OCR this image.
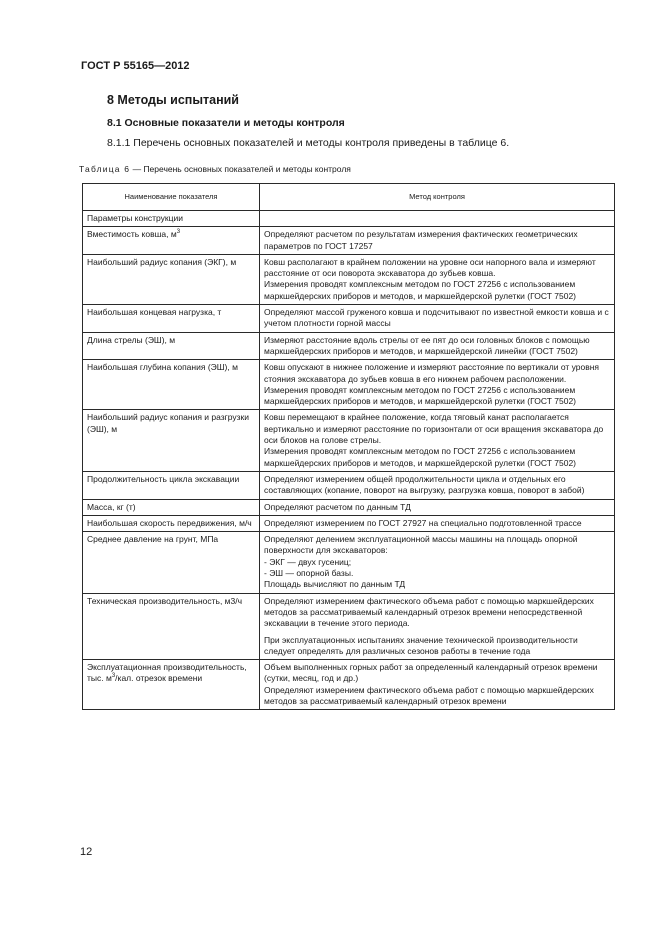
ГОСТ Р 55165—2012
8 Методы испытаний
8.1 Основные показатели и методы контроля
8.1.1 Перечень основных показателей и методы контроля приведены в таблице 6.
Таблица 6 — Перечень основных показателей и методы контроля
Наименование показателя	Метод контроля
Параметры конструкции	
Вместимость ковша, $м^3$	Определяют расчетом по результатам измерения фактических геометрических параметров по ГОСТ 17257

Наибольший радиус копания (ЭКГ), м	Ковш располагают в крайнем положении на уровне оси напорного вала и измеряют расстояние от оси поворота экскаватора до зубьев ковша.
Измерения проводят комплексным методом по ГОСТ 27256 с использованием маркшейдерских приборов и методов, и маркшейдерской рулетки (ГОСТ 7502)

Наибольшая концевая нагрузка, т	Определяют массой груженого ковша и подсчитывают по известной емкости ковша и с учетом плотности горной массы

Длина стрелы (ЭШ), м	Измеряют расстояние вдоль стрелы от ее пят до оси головных блоков с помощью маркшейдерских приборов и методов, и маркшейдерской линейки (ГОСТ 7502)

Наибольшая глубина копания (ЭШ), м	Ковш опускают в нижнее положение и измеряют расстояние по вертикали от уровня стояния экскаватора до зубьев ковша в его нижнем рабочем расположении.
Измерения проводят комплексным методом по ГОСТ 27256 с использованием маркшейдерских приборов и методов, и маркшейдерской рулетки (ГОСТ 7502)

Наибольший радиус копания и разгрузки (ЭШ), м	Ковш перемещают в крайнее положение, когда тяговый канат располагается вертикально и измеряют расстояние по горизонтали от оси вращения экскаватора до оси блоков на голове стрелы.
Измерения проводят комплексным методом по ГОСТ 27256 с использованием маркшейдерских приборов и методов, и маркшейдерской рулетки (ГОСТ 7502)

Продолжительность цикла экскавации	Определяют измерением общей продолжительности цикла и отдельных его составляющих (копание, поворот на выгрузку, разгрузка ковша, поворот в забой)

Масса, кг (т)	Определяют расчетом по данным ТД

Наибольшая скорость передвижения, м/ч	Определяют измерением по ГОСТ 27927 на специально подготовленной трассе

Среднее давление на грунт, МПа	Определяют делением эксплуатационной массы машины на площадь опорной поверхности для экскаваторов:
- ЭКГ — двух гусениц;
- ЭШ — опорной базы.
Площадь вычисляют по данным ТД

Техническая производительность, м3/ч	Определяют измерением фактического объема работ с помощью маркшейдерских методов за рассматриваемый календарный отрезок времени непосредственной экскавации в течение этого периода.
При эксплуатационных испытаниях значение технической производительности следует определять для различных сезонов работы в течение года

Эксплуатационная производительность, тыс. $м^3$/кал. отрезок времени	Объем выполненных горных работ за определенный календарный отрезок времени (сутки, месяц, год и др.)
Определяют измерением фактического объема работ с помощью маркшейдерских методов за рассматриваемый календарный отрезок времени
12
